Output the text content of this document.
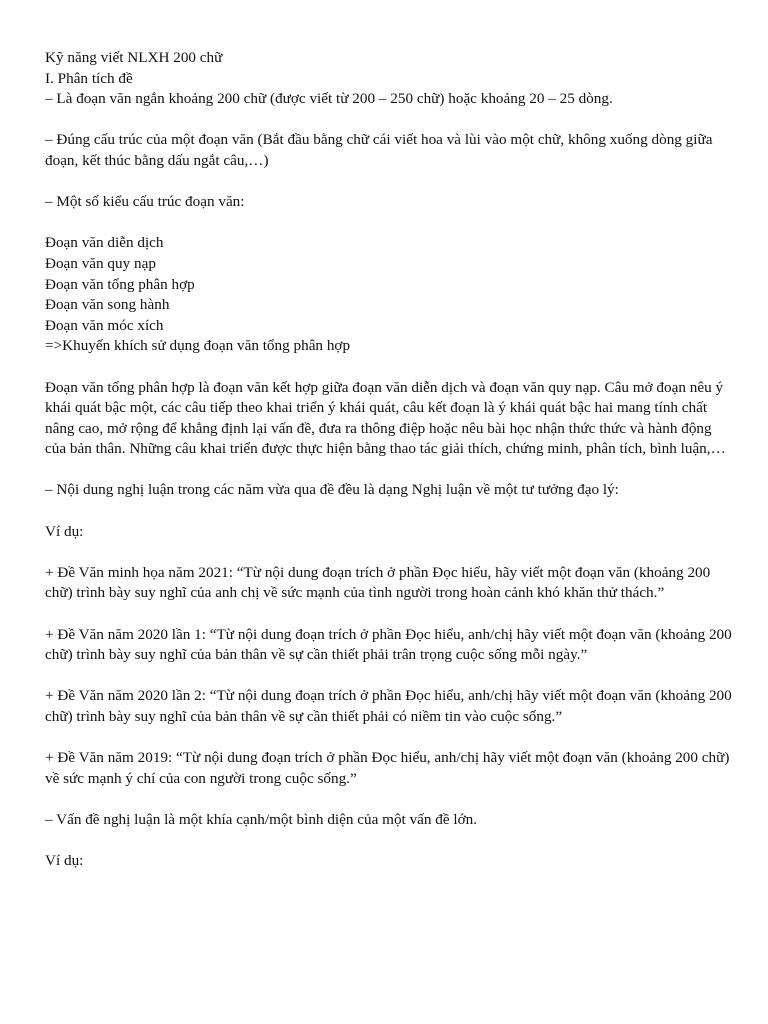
Kỹ năng viết NLXH 200 chữ

I. Phân tích đề

– Là đoạn văn ngắn khoảng 200 chữ (được viết từ 200 – 250 chữ) hoặc khoảng 20 – 25 dòng.

– Đúng cấu trúc của một đoạn văn (Bắt đầu bằng chữ cái viết hoa và lùi vào một chữ, không xuống dòng giữa đoạn, kết thúc bằng dấu ngắt câu,…)

– Một số kiểu cấu trúc đoạn văn:

Đoạn văn diễn dịch

Đoạn văn quy nạp

Đoạn văn tổng phân hợp

Đoạn văn song hành

Đoạn văn móc xích

=>Khuyến khích sử dụng đoạn văn tổng phân hợp

Đoạn văn tổng phân hợp là đoạn văn kết hợp giữa đoạn văn diễn dịch và đoạn văn quy nạp. Câu mở đoạn nêu ý khái quát bậc một, các câu tiếp theo khai triển ý khái quát, câu kết đoạn là ý khái quát bậc hai mang tính chất nâng cao, mở rộng để khẳng định lại vấn đề, đưa ra thông điệp hoặc nêu bài học nhận thức thức và hành động của bản thân. Những câu khai triển được thực hiện bằng thao tác giải thích, chứng minh, phân tích, bình luận,…

– Nội dung nghị luận trong các năm vừa qua đề đều là dạng Nghị luận về một tư tưởng đạo lý:

Ví dụ:

+ Đề Văn minh họa năm 2021: “Từ nội dung đoạn trích ở phần Đọc hiểu, hãy viết một đoạn văn (khoảng 200 chữ) trình bày suy nghĩ của anh chị về sức mạnh của tình người trong hoàn cảnh khó khăn thử thách.”

+ Đề Văn năm 2020 lần 1: “Từ nội dung đoạn trích ở phần Đọc hiểu, anh/chị hãy viết một đoạn văn (khoảng 200 chữ) trình bày suy nghĩ của bản thân về sự cần thiết phải trân trọng cuộc sống mỗi ngày.”

+ Đề Văn năm 2020 lần 2: “Từ nội dung đoạn trích ở phần Đọc hiểu, anh/chị hãy viết một đoạn văn (khoảng 200 chữ) trình bày suy nghĩ của bản thân về sự cần thiết phải có niềm tin vào cuộc sống.”

+ Đề Văn năm 2019: “Từ nội dung đoạn trích ở phần Đọc hiểu, anh/chị hãy viết một đoạn văn (khoảng 200 chữ) về sức mạnh ý chí của con người trong cuộc sống.”

– Vấn đề nghị luận là một khía cạnh/một bình diện của một vấn đề lớn.

Ví dụ:
